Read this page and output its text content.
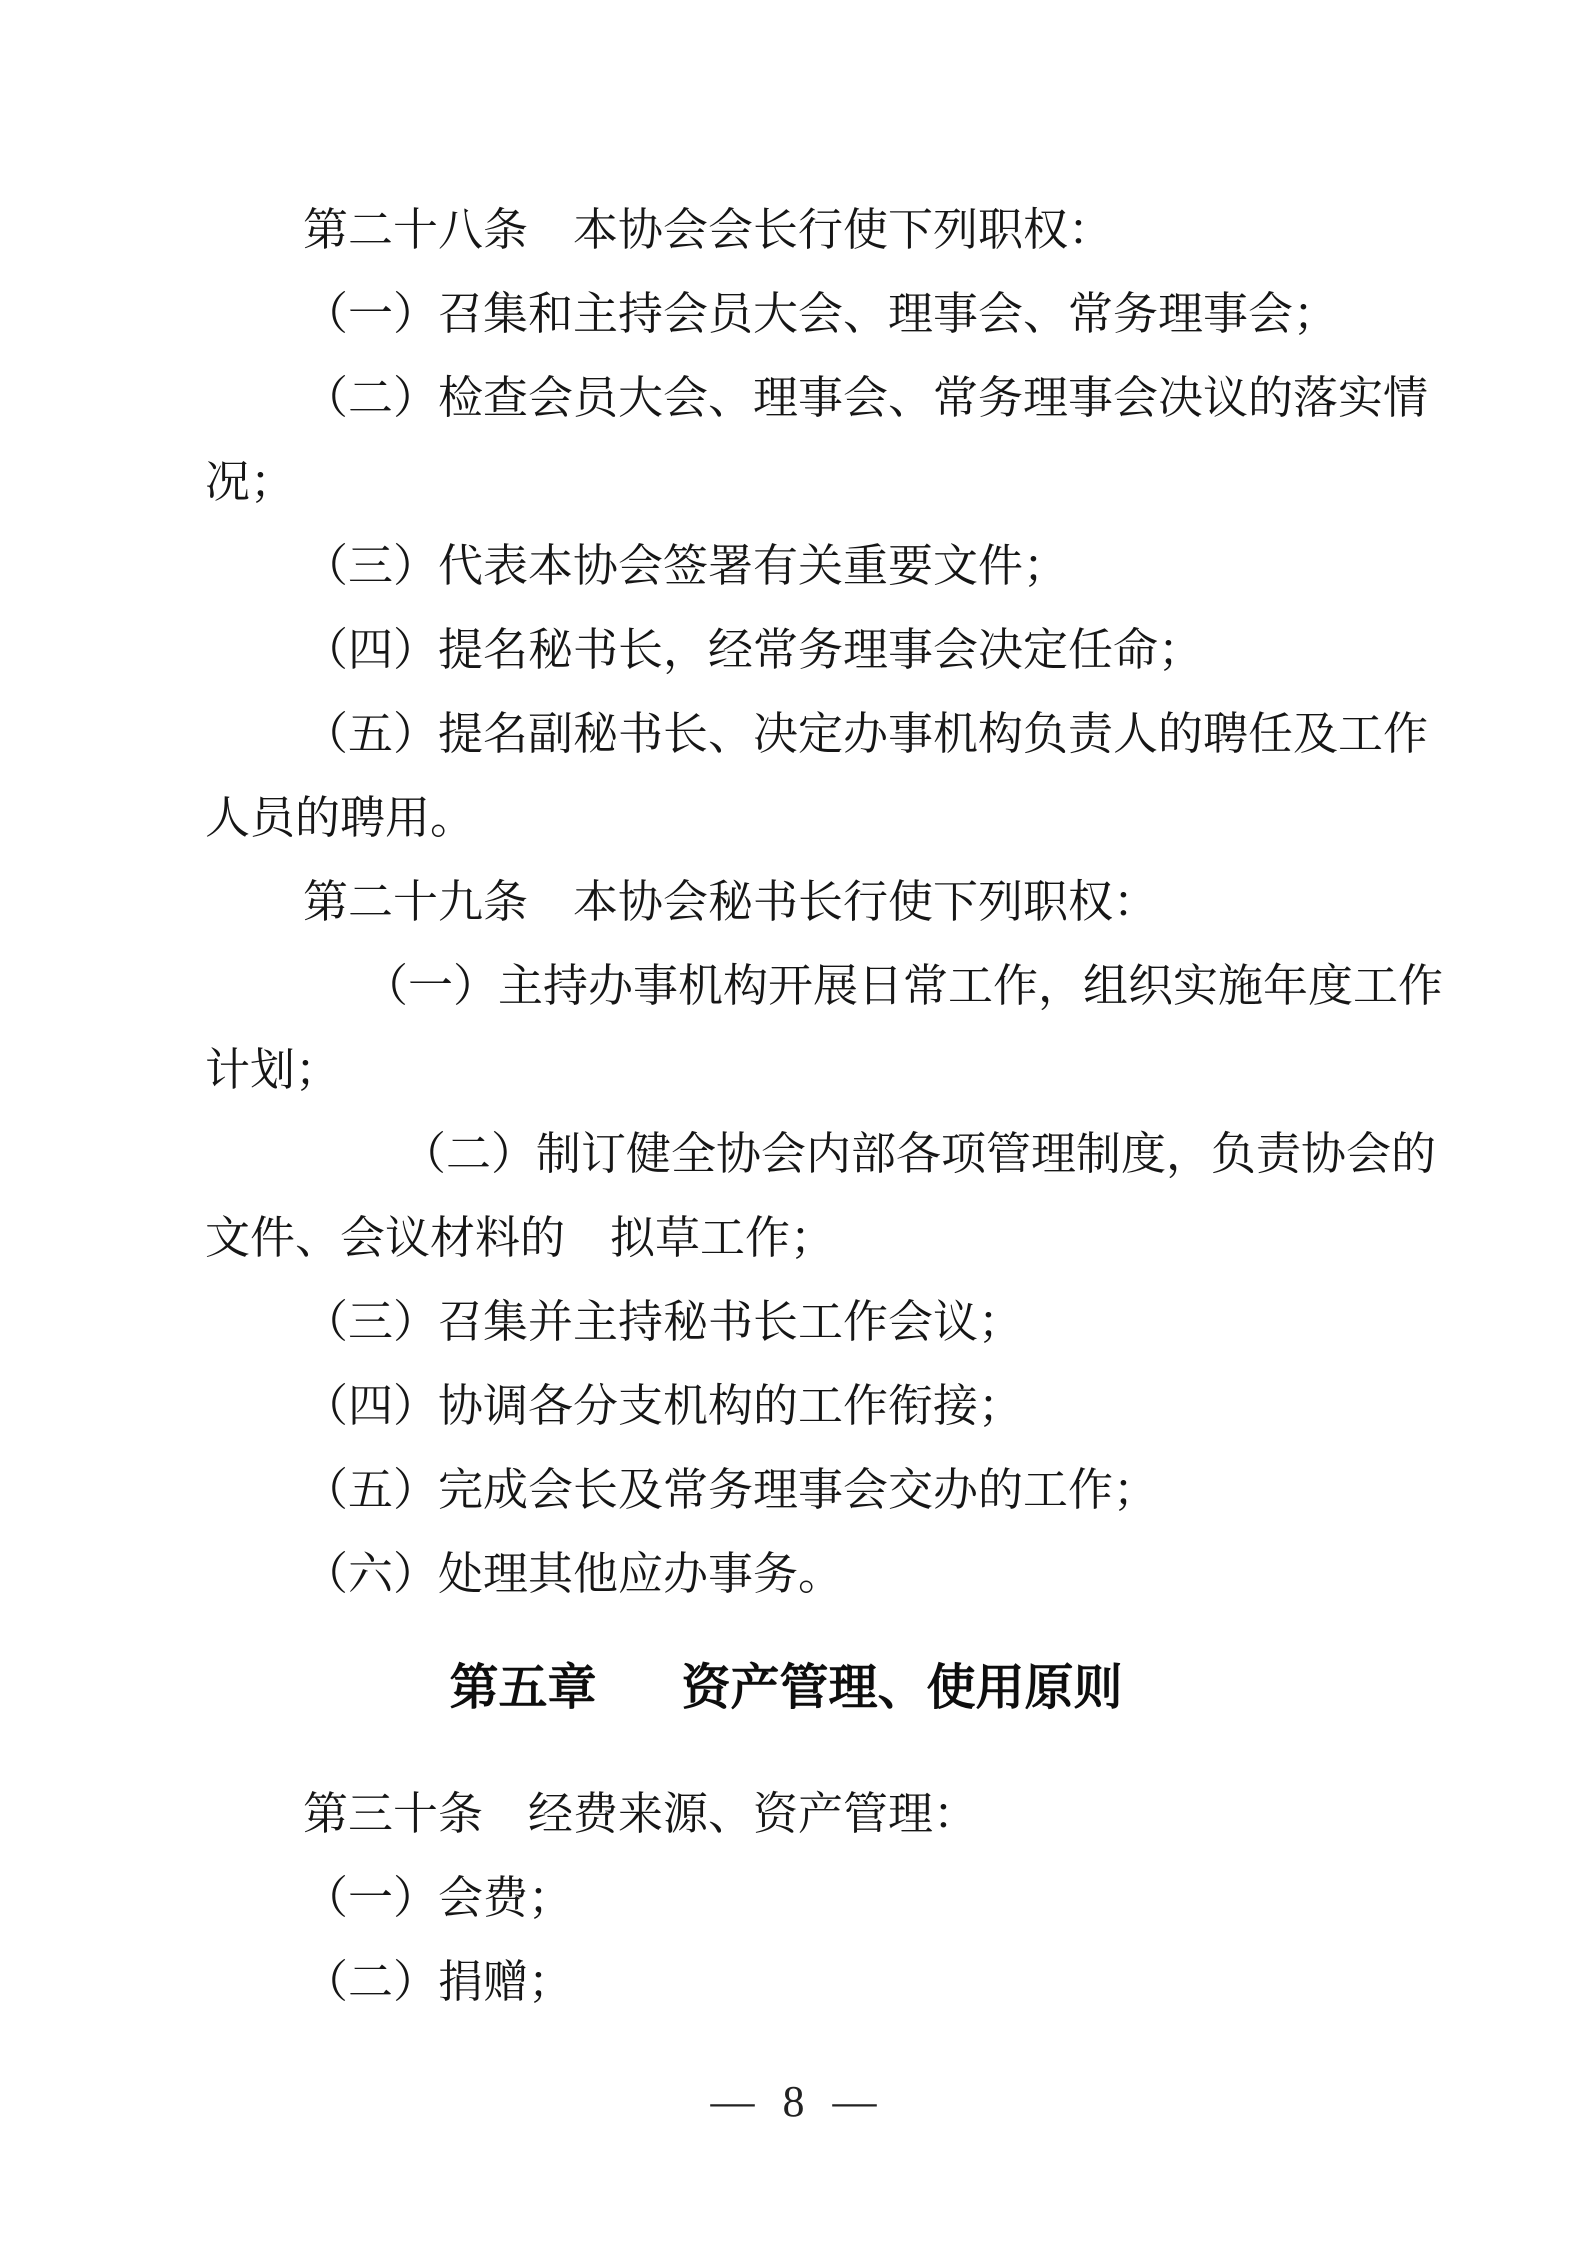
第二十八条　本协会会长行使下列职权：
（一）召集和主持会员大会、理事会、常务理事会；
（二）检查会员大会、理事会、常务理事会决议的落实情
况；
（三）代表本协会签署有关重要文件；
（四）提名秘书长，经常务理事会决定任命；
（五）提名副秘书长、决定办事机构负责人的聘任及工作
人员的聘用。
第二十九条　本协会秘书长行使下列职权：
（一）主持办事机构开展日常工作，组织实施年度工作
计划；
（二）制订健全协会内部各项管理制度，负责协会的
文件、会议材料的　拟草工作；
（三）召集并主持秘书长工作会议；
（四）协调各分支机构的工作衔接；
（五）完成会长及常务理事会交办的工作；
（六）处理其他应办事务。
第五章 资产管理、使用原则
第三十条　经费来源、资产管理：
（一）会费；
（二）捐赠；
— 8 —
